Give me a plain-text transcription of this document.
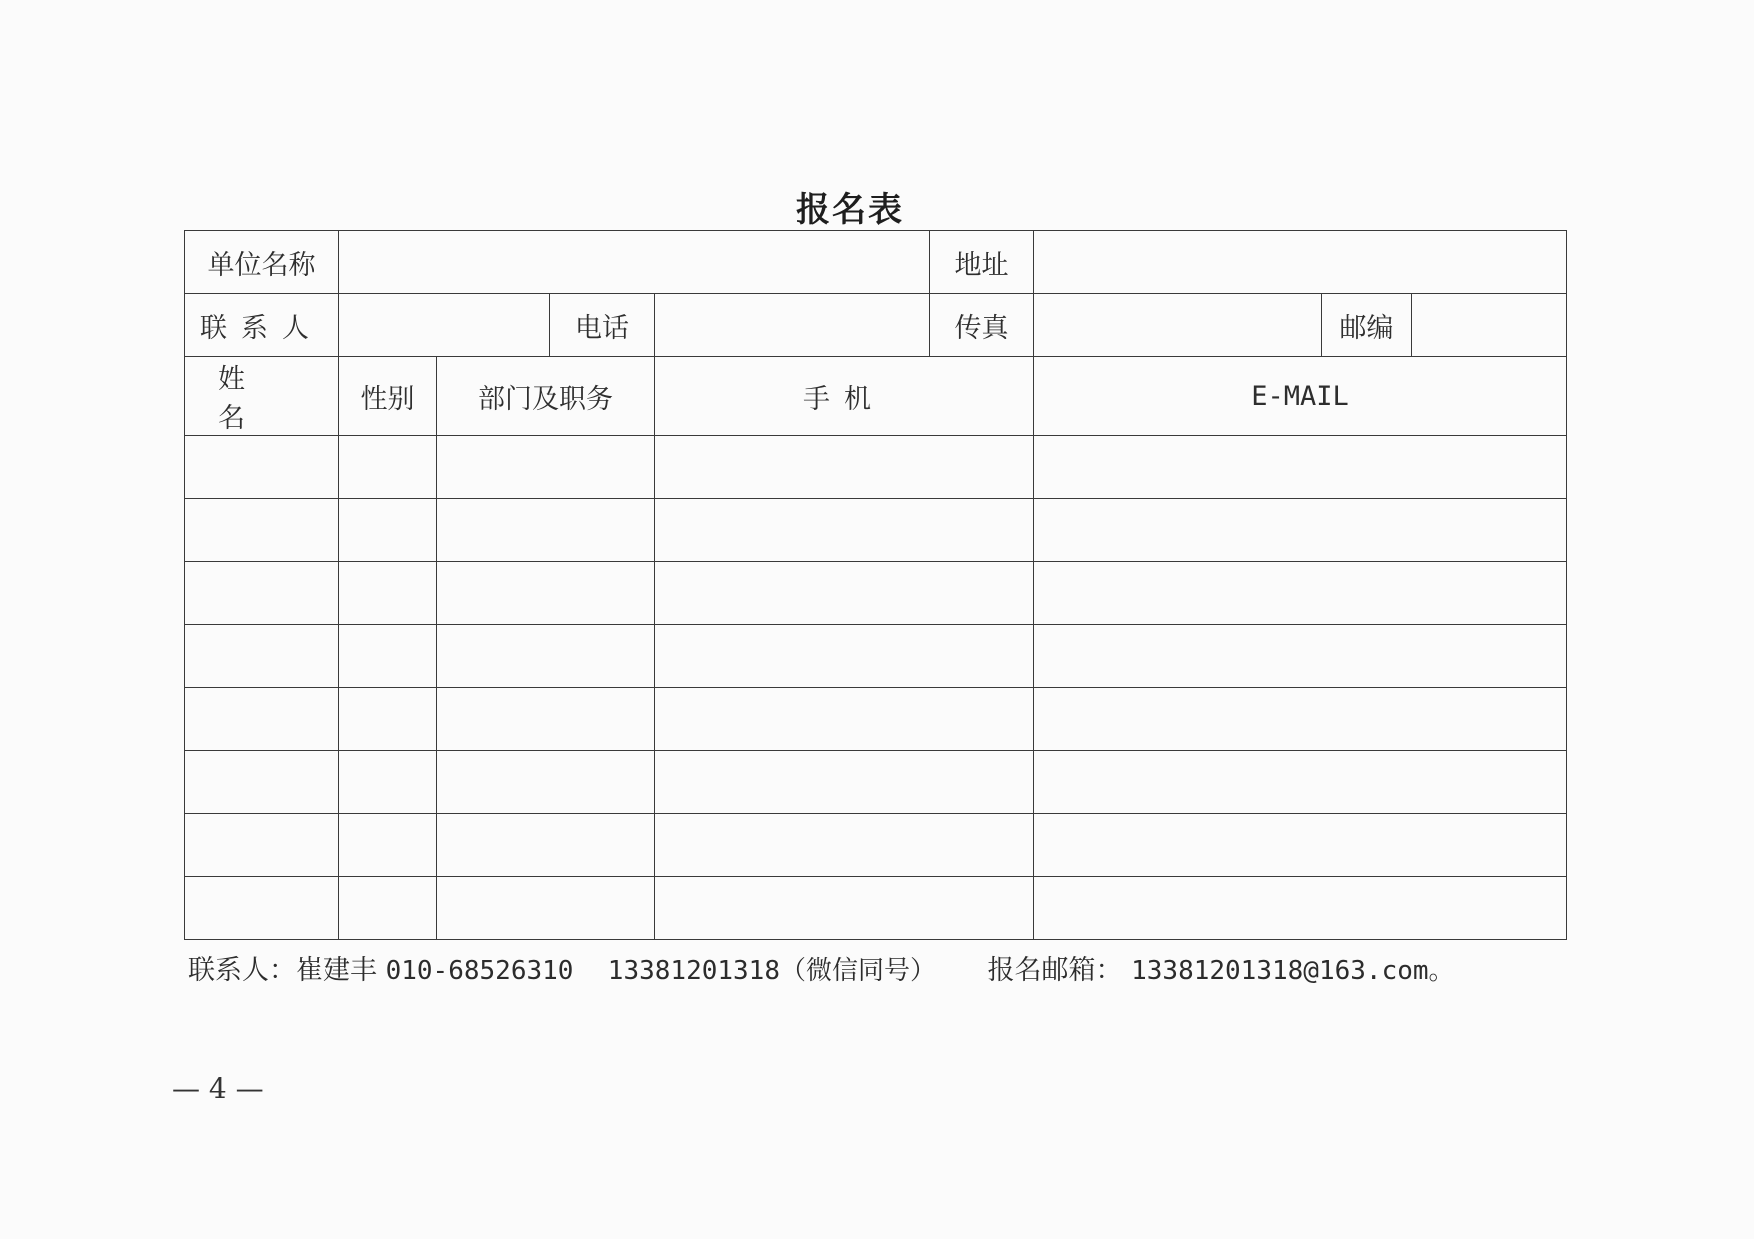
报名表
单位名称					地址			
联系人			电话		传真		邮编	
姓名	性别	部门及职务		手机		E-MAIL		

联系人：崔建丰 010-68526310 13381201318（微信同号） 报名邮箱： 13381201318@163.com。
— 4 —
